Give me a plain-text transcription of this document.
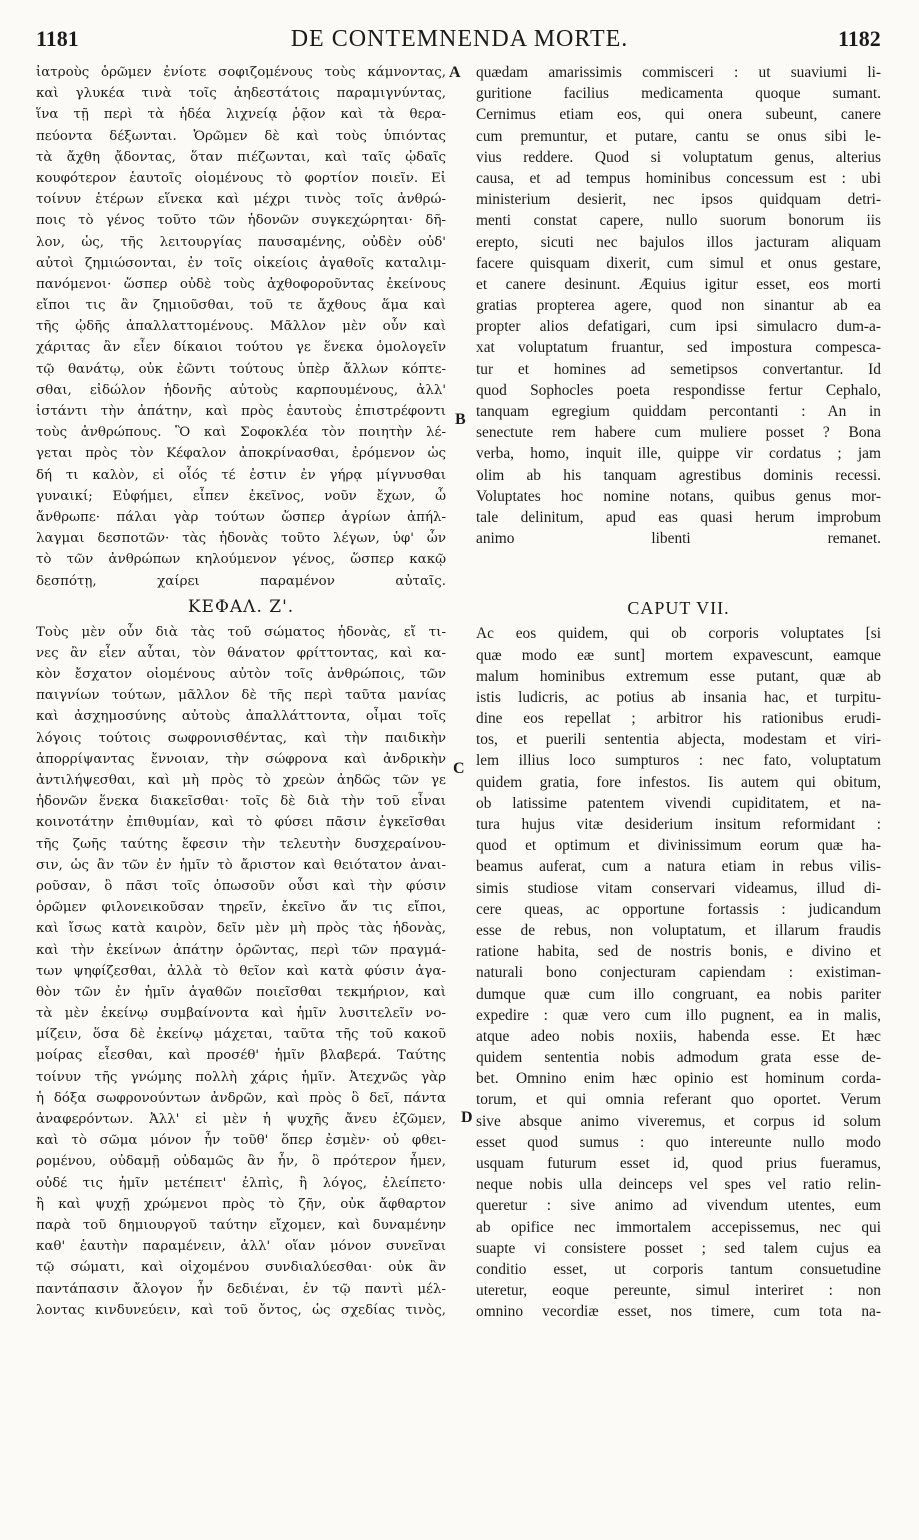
1181	DE CONTEMNENDA MORTE.	1182
ἰατροὺς ὁρῶμεν ἐνίοτε σοφιζομένους τοὺς κάμνοντας,
καὶ γλυκέα τινὰ τοῖς ἀηδεστάτοις παραμιγνύντας,
ἵνα τῇ περὶ τὰ ἡδέα λιχνείᾳ ῥᾷον καὶ τὰ θερα-
πεύοντα δέξωνται. Ὁρῶμεν δὲ καὶ τοὺς ὑπιόντας
τὰ ἄχθη ᾄδοντας, ὅταν πιέζωνται, καὶ ταῖς ᾠδαῖς
κουφότερον ἑαυτοῖς οἰομένους τὸ φορτίον ποιεῖν. Εἰ
τοίνυν ἑτέρων εἵνεκα καὶ μέχρι τινὸς τοῖς ἀνθρώ-
ποις τὸ γένος τοῦτο τῶν ἡδονῶν συγκεχώρηται· δῆ-
λον, ὡς, τῆς λειτουργίας παυσαμένης, οὐδὲν οὐδ'
αὐτοὶ ζημιώσονται, ἐν τοῖς οἰκείοις ἀγαθοῖς καταλιμ-
πανόμενοι· ὥσπερ οὐδὲ τοὺς ἀχθοφοροῦντας ἐκείνους
εἴποι τις ἂν ζημιοῦσθαι, τοῦ τε ἄχθους ἅμα καὶ
τῆς ᾠδῆς ἀπαλλαττομένους. Μᾶλλον μὲν οὖν καὶ
χάριτας ἂν εἶεν δίκαιοι τούτου γε ἕνεκα ὁμολογεῖν
τῷ θανάτῳ, οὐκ ἐῶντι τούτους ὑπὲρ ἄλλων κόπτε-
σθαι, εἰδώλον ἡδονῆς αὐτοὺς καρπουμένους, ἀλλ'
ἱστάντι τὴν ἀπάτην, καὶ πρὸς ἑαυτοὺς ἐπιστρέφοντι
τοὺς ἀνθρώπους. Ὃ καὶ Σοφοκλέα τὸν ποιητὴν λέ-
γεται πρὸς τὸν Κέφαλον ἀποκρίνασθαι, ἐρόμενον ὡς
δή τι καλὸν, εἰ οἷός τέ ἐστιν ἐν γήρᾳ μίγνυσθαι
γυναικί; Εὐφήμει, εἶπεν ἐκεῖνος, νοῦν ἔχων, ὦ
ἄνθρωπε· πάλαι γὰρ τούτων ὥσπερ ἀγρίων ἀπήλ-
λαγμαι δεσποτῶν· τὰς ἡδονὰς τοῦτο λέγων, ὑφ' ὧν
τὸ τῶν ἀνθρώπων κηλούμενον γένος, ὥσπερ κακῷ
δεσπότῃ, χαίρει παραμένον αὐταῖς.
ΚΕΦΑΛ. Ζ'.
Τοὺς μὲν οὖν διὰ τὰς τοῦ σώματος ἡδονὰς, εἴ τι-
νες ἂν εἶεν αὗται, τὸν θάνατον φρίττοντας, καὶ κα-
κὸν ἔσχατον οἰομένους αὐτὸν τοῖς ἀνθρώποις, τῶν
παιγνίων τούτων, μᾶλλον δὲ τῆς περὶ ταῦτα μανίας
καὶ ἀσχημοσύνης αὐτοὺς ἀπαλλάττοντα, οἶμαι τοῖς
λόγοις τούτοις σωφρονισθέντας, καὶ τὴν παιδικὴν
ἀπορρίψαντας ἔννοιαν, τὴν σώφρονα καὶ ἀνδρικὴν
ἀντιλήψεσθαι, καὶ μὴ πρὸς τὸ χρεὼν ἀηδῶς τῶν γε
ἡδονῶν ἕνεκα διακεῖσθαι· τοῖς δὲ διὰ τὴν τοῦ εἶναι
κοινοτάτην ἐπιθυμίαν, καὶ τὸ φύσει πᾶσιν ἐγκεῖσθαι
τῆς ζωῆς ταύτης ἔφεσιν τὴν τελευτὴν δυσχεραίνου-
σιν, ὡς ἂν τῶν ἐν ἡμῖν τὸ ἄριστον καὶ θειότατον ἀναι-
ροῦσαν, ὃ πᾶσι τοῖς ὁπωσοῦν οὖσι καὶ τὴν φύσιν
ὁρῶμεν φιλονεικοῦσαν τηρεῖν, ἐκεῖνο ἄν τις εἴποι,
καὶ ἴσως κατὰ καιρὸν, δεῖν μὲν μὴ πρὸς τὰς ἡδονὰς,
καὶ τὴν ἐκείνων ἀπάτην ὁρῶντας, περὶ τῶν πραγμά-
των ψηφίζεσθαι, ἀλλὰ τὸ θεῖον καὶ κατὰ φύσιν ἀγα-
θὸν τῶν ἐν ἡμῖν ἀγαθῶν ποιεῖσθαι τεκμήριον, καὶ
τὰ μὲν ἐκείνῳ συμβαίνοντα καὶ ἡμῖν λυσιτελεῖν νο-
μίζειν, ὅσα δὲ ἐκείνῳ μάχεται, ταῦτα τῆς τοῦ κακοῦ
μοίρας εἶεσθαι, καὶ προσέθ' ἡμῖν βλαβερά. Ταύτης
τοίνυν τῆς γνώμης πολλὴ χάρις ἡμῖν. Ἀτεχνῶς γὰρ
ἡ δόξα σωφρονούντων ἀνδρῶν, καὶ πρὸς ὃ δεῖ, πάντα
ἀναφερόντων. Ἀλλ' εἰ μὲν ἡ ψυχῆς ἄνευ ἐζῶμεν,
καὶ τὸ σῶμα μόνον ἦν τοῦθ' ὅπερ ἐσμὲν· οὐ φθει-
ρομένου, οὐδαμῇ οὐδαμῶς ἂν ἦν, ὃ πρότερον ἦμεν,
οὐδέ τις ἡμῖν μετέπειτ' ἐλπὶς, ἢ λόγος, ἐλείπετο·
ἢ καὶ ψυχῇ χρώμενοι πρὸς τὸ ζῆν, οὐκ ἄφθαρτον
παρὰ τοῦ δημιουργοῦ ταύτην εἴχομεν, καὶ δυναμένην
καθ' ἑαυτὴν παραμένειν, ἀλλ' οἵαν μόνον συνεῖναι
τῷ σώματι, καὶ οἰχομένου συνδιαλύεσθαι· οὐκ ἂν
παντάπασιν ἄλογον ἦν δεδιέναι, ἐν τῷ παντὶ μέλ-
λοντας κινδυνεύειν, καὶ τοῦ ὄντος, ὡς σχεδίας τινὸς,
quædam amarissimis commisceri : ut suaviumi li-
guritione facilius medicamenta quoque sumant.
Cernimus etiam eos, qui onera subeunt, canere
cum premuntur, et putare, cantu se onus sibi le-
vius reddere. Quod si voluptatum genus, alterius
causa, et ad tempus hominibus concessum est : ubi
ministerium desierit, nec ipsos quidquam detri-
menti constat capere, nullo suorum bonorum iis
erepto, sicuti nec bajulos illos jacturam aliquam
facere quisquam dixerit, cum simul et onus gestare,
et canere desinunt. Æquius igitur esset, eos morti
gratias propterea agere, quod non sinantur ab ea
propter alios defatigari, cum ipsi simulacro dum-a-
xat voluptatum fruantur, sed impostura compesca-
tur et homines ad semetipsos convertantur. Id
quod Sophocles poeta respondisse fertur Cephalo,
tanquam egregium quiddam percontanti : An in
senectute rem habere cum muliere posset ? Bona
verba, homo, inquit ille, quippe vir cordatus ; jam
olim ab his tanquam agrestibus dominis recessi.
Voluptates hoc nomine notans, quibus genus mor-
tale delinitum, apud eas quasi herum improbum
animo libenti remanet.
CAPUT VII.
Ac eos quidem, qui ob corporis voluptates [si
quæ modo eæ sunt] mortem expavescunt, eamque
malum hominibus extremum esse putant, quæ ab
istis ludicris, ac potius ab insania hac, et turpitu-
dine eos repellat ; arbitror his rationibus erudi-
tos, et puerili sententia abjecta, modestam et viri-
lem illius loco sumpturos : nec fato, voluptatum
quidem gratia, fore infestos. Iis autem qui obitum,
ob latissime patentem vivendi cupiditatem, et na-
tura hujus vitæ desiderium insitum reformidant :
quod et optimum et divinissimum eorum quæ ha-
beamus auferat, cum a natura etiam in rebus vilis-
simis studiose vitam conservari videamus, illud di-
cere queas, ac opportune fortassis : judicandum
esse de rebus, non voluptatum, et illarum fraudis
ratione habita, sed de nostris bonis, e divino et
naturali bono conjecturam capiendam : existiman-
dumque quæ cum illo congruant, ea nobis pariter
expedire : quæ vero cum illo pugnent, ea in malis,
atque adeo nobis noxiis, habenda esse. Et hæc
quidem sententia nobis admodum grata esse de-
bet. Omnino enim hæc opinio est hominum corda-
torum, et qui omnia referant quo oportet. Verum
sive absque animo viveremus, et corpus id solum
esset quod sumus : quo intereunte nullo modo
usquam futurum esset id, quod prius fueramus,
neque nobis ulla deinceps vel spes vel ratio relin-
queretur : sive animo ad vivendum utentes, eum
ab opifice nec immortalem accepissemus, nec qui
suapte vi consistere posset ; sed talem cujus ea
conditio esset, ut corporis tantum consuetudine
uteretur, eoque pereunte, simul interiret : non
omnino vecordiæ esset, nos timere, cum tota na-
A
B
C
D
